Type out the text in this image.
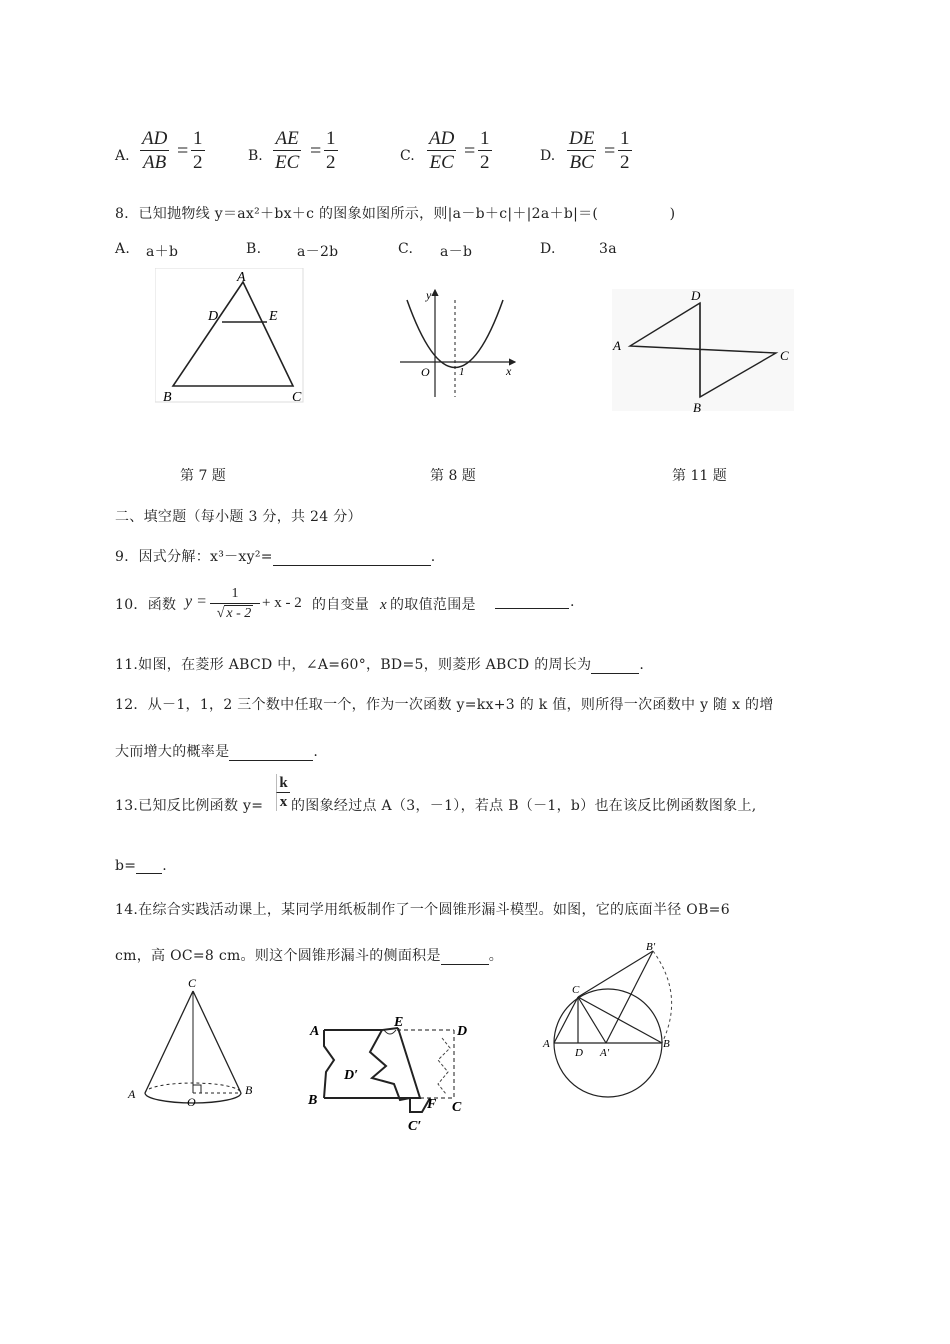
A. $\frac{AD}{AB} = \frac{1}{2}$	B. $\frac{AE}{EC} = \frac{1}{2}$	C. $\frac{AD}{EC} = \frac{1}{2}$	D. $\frac{DE}{BC} = \frac{1}{2}$
8．已知抛物线 y＝ax²＋bx＋c 的图象如图所示，则|a－b＋c|＋|2a＋b|＝(　　　　　)
A. a＋b	B.	a－2b	C. a－b	D.	3a
A
D	E
B	C
y
O	1	x
D
A
C
B
第 7 题	第 8 题	第 11 题
二、填空题（每小题 3 分，共 24 分）
9．因式分解：x³－xy²=	.
10．函数 $y = \frac{1}{√ x - 2} + x - 2$ 的自变量 x 的取值范围是	.
11.如图，在菱形 ABCD 中，∠A=60°，BD=5，则菱形 ABCD 的周长为	.
12．从－1，1，2 三个数中任取一个，作为一次函数 y=kx+3 的 k 值，则所得一次函数中 y 随 x 的增
大而增大的概率是	.
13.已知反比例函数 $y= \frac{k}{x}$ 的图象经过点 A（3，－1），若点 B（－1，b）也在该反比例函数图象上,
b= .
14.在综合实践活动课上，某同学用纸板制作了一个圆锥形漏斗模型。如图，它的底面半径 OB=6
cm，高 OC=8 cm。则这个圆锥形漏斗的侧面积是	。
C
A
O
B
A
E
D
D′
B	F C
C′
B′
C
A
D A′
B
